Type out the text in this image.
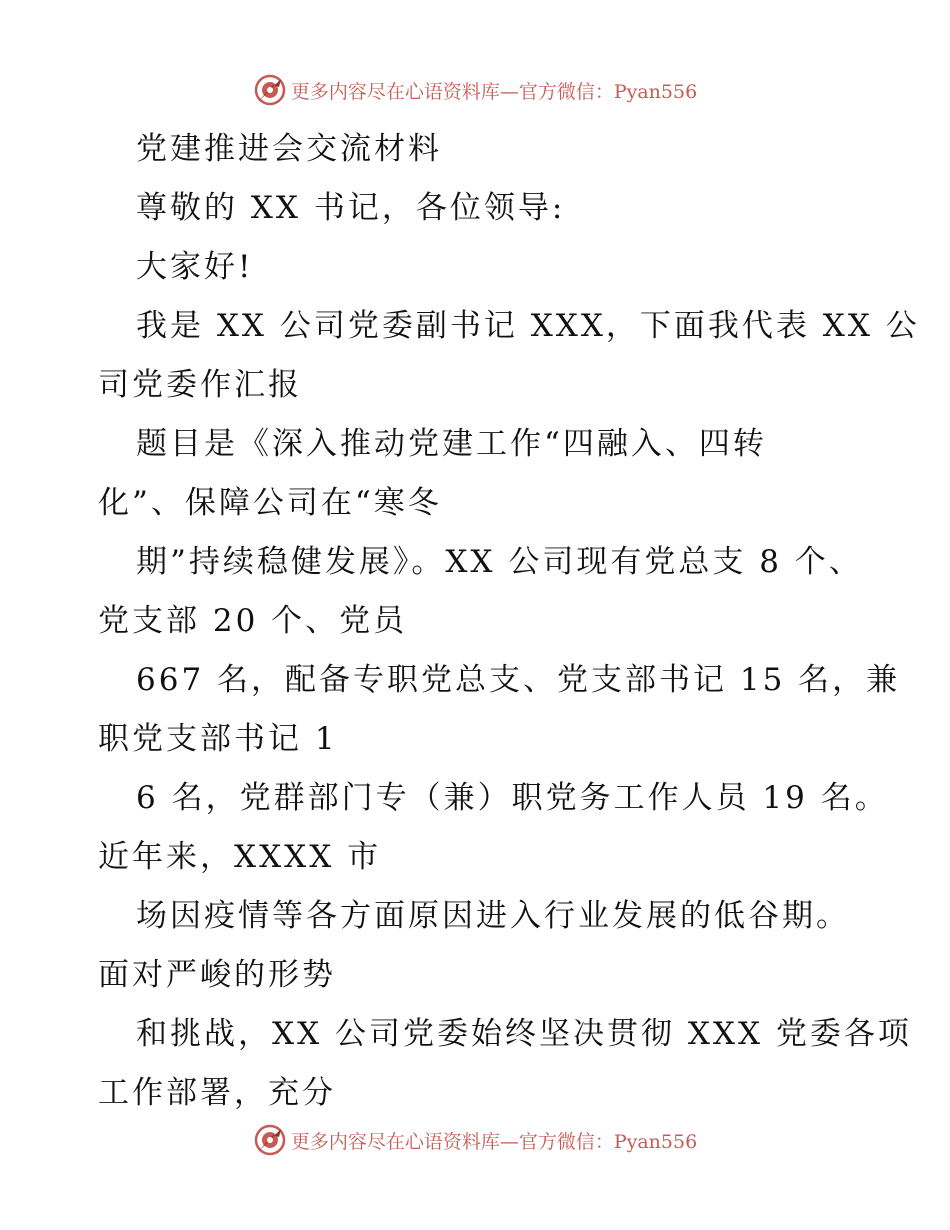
更多内容尽在心语资料库—官方微信：Pyan556
党建推进会交流材料
尊敬的 XX 书记，各位领导:
大家好!
我是 XX 公司党委副书记 XXX，下面我代表 XX 公
司党委作汇报
题目是《深入推动党建工作“四融入、四转
化”、保障公司在“寒冬
期”持续稳健发展》。XX 公司现有党总支 8 个、
党支部 20 个、党员
667 名，配备专职党总支、党支部书记 15 名，兼
职党支部书记 1
6 名，党群部门专（兼）职党务工作人员 19 名。
近年来，XXXX 市
场因疫情等各方面原因进入行业发展的低谷期。
面对严峻的形势
和挑战，XX 公司党委始终坚决贯彻 XXX 党委各项
工作部署，充分
更多内容尽在心语资料库—官方微信：Pyan556
